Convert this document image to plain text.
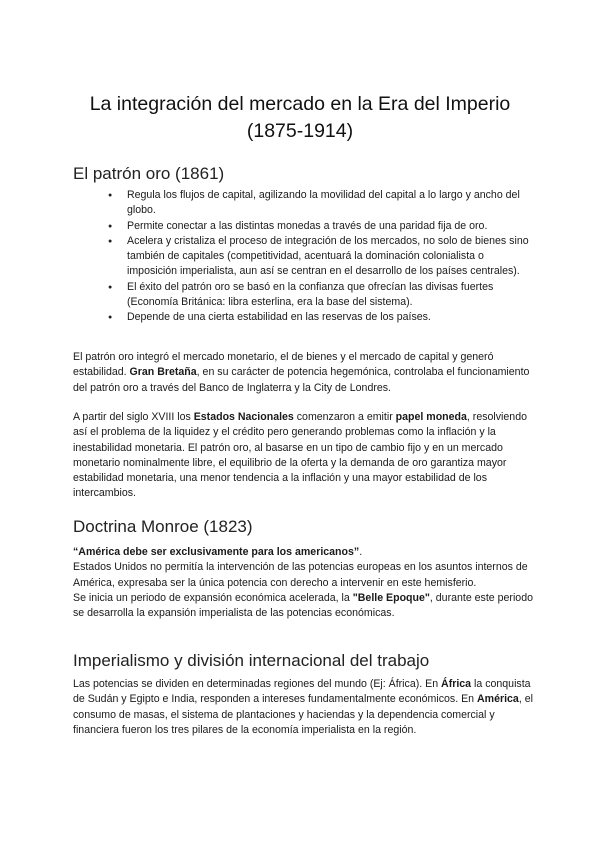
La integración del mercado en la Era del Imperio
(1875-1914)
El patrón oro (1861)
● Regula los flujos de capital, agilizando la movilidad del capital a lo largo y ancho del globo.
● Permite conectar a las distintas monedas a través de una paridad fija de oro.
● Acelera y cristaliza el proceso de integración de los mercados, no solo de bienes sino también de capitales (competitividad, acentuará la dominación colonialista o imposición imperialista, aun así se centran en el desarrollo de los países centrales).
● El éxito del patrón oro se basó en la confianza que ofrecían las divisas fuertes (Economía Británica: libra esterlina, era la base del sistema).
● Depende de una cierta estabilidad en las reservas de los países.

El patrón oro integró el mercado monetario, el de bienes y el mercado de capital y generó estabilidad. Gran Bretaña, en su carácter de potencia hegemónica, controlaba el funcionamiento del patrón oro a través del Banco de Inglaterra y la City de Londres.

A partir del siglo XVIII los Estados Nacionales comenzaron a emitir papel moneda, resolviendo así el problema de la liquidez y el crédito pero generando problemas como la inflación y la inestabilidad monetaria. El patrón oro, al basarse en un tipo de cambio fijo y en un mercado monetario nominalmente libre, el equilibrio de la oferta y la demanda de oro garantiza mayor estabilidad monetaria, una menor tendencia a la inflación y una mayor estabilidad de los intercambios.

Doctrina Monroe (1823)

“América debe ser exclusivamente para los americanos”.
Estados Unidos no permitía la intervención de las potencias europeas en los asuntos internos de América, expresaba ser la única potencia con derecho a intervenir en este hemisferio.
Se inicia un periodo de expansión económica acelerada, la "Belle Epoque", durante este periodo se desarrolla la expansión imperialista de las potencias económicas.

Imperialismo y división internacional del trabajo

Las potencias se dividen en determinadas regiones del mundo (Ej: África). En África la conquista de Sudán y Egipto e India, responden a intereses fundamentalmente económicos. En América, el consumo de masas, el sistema de plantaciones y haciendas y la dependencia comercial y financiera fueron los tres pilares de la economía imperialista en la región.
